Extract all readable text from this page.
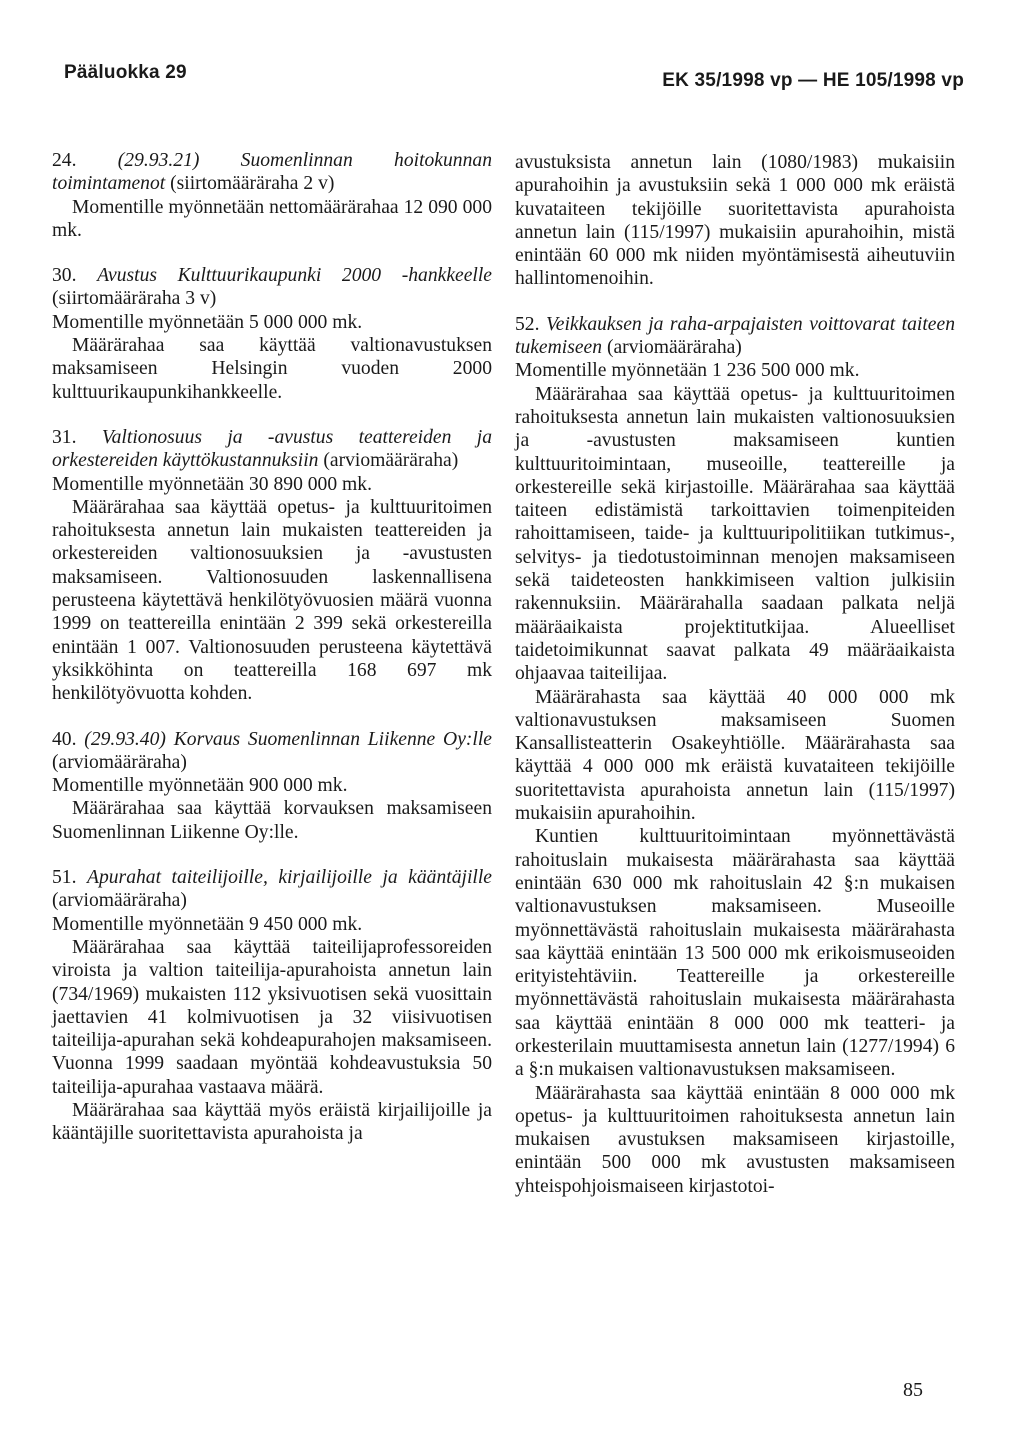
Pääluokka 29	EK 35/1998 vp — HE 105/1998 vp

24. (29.93.21) Suomenlinnan hoitokunnan toimintamenot (siirtomääräraha 2 v)

Momentille myönnetään nettomäärärahaa 12 090 000 mk.

30. Avustus Kulttuurikaupunki 2000 -hankkeelle (siirtomääräraha 3 v)

Momentille myönnetään 5 000 000 mk.

Määrärahaa saa käyttää valtionavustuksen maksamiseen Helsingin vuoden 2000 kulttuurikaupunkihankkeelle.

31. Valtionosuus ja -avustus teattereiden ja orkestereiden käyttökustannuksiin (arviomääräraha)

Momentille myönnetään 30 890 000 mk.

Määrärahaa saa käyttää opetus- ja kulttuuritoimen rahoituksesta annetun lain mukaisten teattereiden ja orkestereiden valtionosuuksien ja -avustusten maksamiseen. Valtionosuuden laskennallisena perusteena käytettävä henkilötyövuosien määrä vuonna 1999 on teattereilla enintään 2 399 sekä orkestereilla enintään 1 007. Valtionosuuden perusteena käytettävä yksikköhinta on teattereilla 168 697 mk henkilötyövuotta kohden.

40. (29.93.40) Korvaus Suomenlinnan Liikenne Oy:lle (arviomääräraha)

Momentille myönnetään 900 000 mk.

Määrärahaa saa käyttää korvauksen maksamiseen Suomenlinnan Liikenne Oy:lle.

51. Apurahat taiteilijoille, kirjailijoille ja kääntäjille (arviomääräraha)

Momentille myönnetään 9 450 000 mk.

Määrärahaa saa käyttää taiteilijaprofessoreiden viroista ja valtion taiteilija-apurahoista annetun lain (734/1969) mukaisten 112 yksivuotisen sekä vuosittain jaettavien 41 kolmivuotisen ja 32 viisivuotisen taiteilija-apurahan sekä kohdeapurahojen maksamiseen. Vuonna 1999 saadaan myöntää kohdeavustuksia 50 taiteilija-apurahaa vastaava määrä.

Määrärahaa saa käyttää myös eräistä kirjailijoille ja kääntäjille suoritettavista apurahoista ja

avustuksista annetun lain (1080/1983) mukaisiin apurahoihin ja avustuksiin sekä 1 000 000 mk eräistä kuvataiteen tekijöille suoritettavista apurahoista annetun lain (115/1997) mukaisiin apurahoihin, mistä enintään 60 000 mk niiden myöntämisestä aiheutuviin hallintomenoihin.

52. Veikkauksen ja raha-arpajaisten voittovarat taiteen tukemiseen (arviomääräraha)

Momentille myönnetään 1 236 500 000 mk.

Määrärahaa saa käyttää opetus- ja kulttuuritoimen rahoituksesta annetun lain mukaisten valtionosuuksien ja -avustusten maksamiseen kuntien kulttuuritoimintaan, museoille, teattereille ja orkestereille sekä kirjastoille. Määrärahaa saa käyttää taiteen edistämistä tarkoittavien toimenpiteiden rahoittamiseen, taide- ja kulttuuripolitiikan tutkimus-, selvitys- ja tiedotustoiminnan menojen maksamiseen sekä taideteosten hankkimiseen valtion julkisiin rakennuksiin. Määrärahalla saadaan palkata neljä määräaikaista projektitutkijaa. Alueelliset taidetoimikunnat saavat palkata 49 määräaikaista ohjaavaa taiteilijaa.

Määrärahasta saa käyttää 40 000 000 mk valtionavustuksen maksamiseen Suomen Kansallisteatterin Osakeyhtiölle. Määrärahasta saa käyttää 4 000 000 mk eräistä kuvataiteen tekijöille suoritettavista apurahoista annetun lain (115/1997) mukaisiin apurahoihin.

Kuntien kulttuuritoimintaan myönnettävästä rahoituslain mukaisesta määrärahasta saa käyttää enintään 630 000 mk rahoituslain 42 §:n mukaisen valtionavustuksen maksamiseen. Museoille myönnettävästä rahoituslain mukaisesta määrärahasta saa käyttää enintään 13 500 000 mk erikoismuseoiden erityistehtäviin. Teattereille ja orkestereille myönnettävästä rahoituslain mukaisesta määrärahasta saa käyttää enintään 8 000 000 mk teatteri- ja orkesterilain muuttamisesta annetun lain (1277/1994) 6 a §:n mukaisen valtionavustuksen maksamiseen.

Määrärahasta saa käyttää enintään 8 000 000 mk opetus- ja kulttuuritoimen rahoituksesta annetun lain mukaisen avustuksen maksamiseen kirjastoille, enintään 500 000 mk avustusten maksamiseen yhteispohjoismaiseen kirjastotoi-

85
